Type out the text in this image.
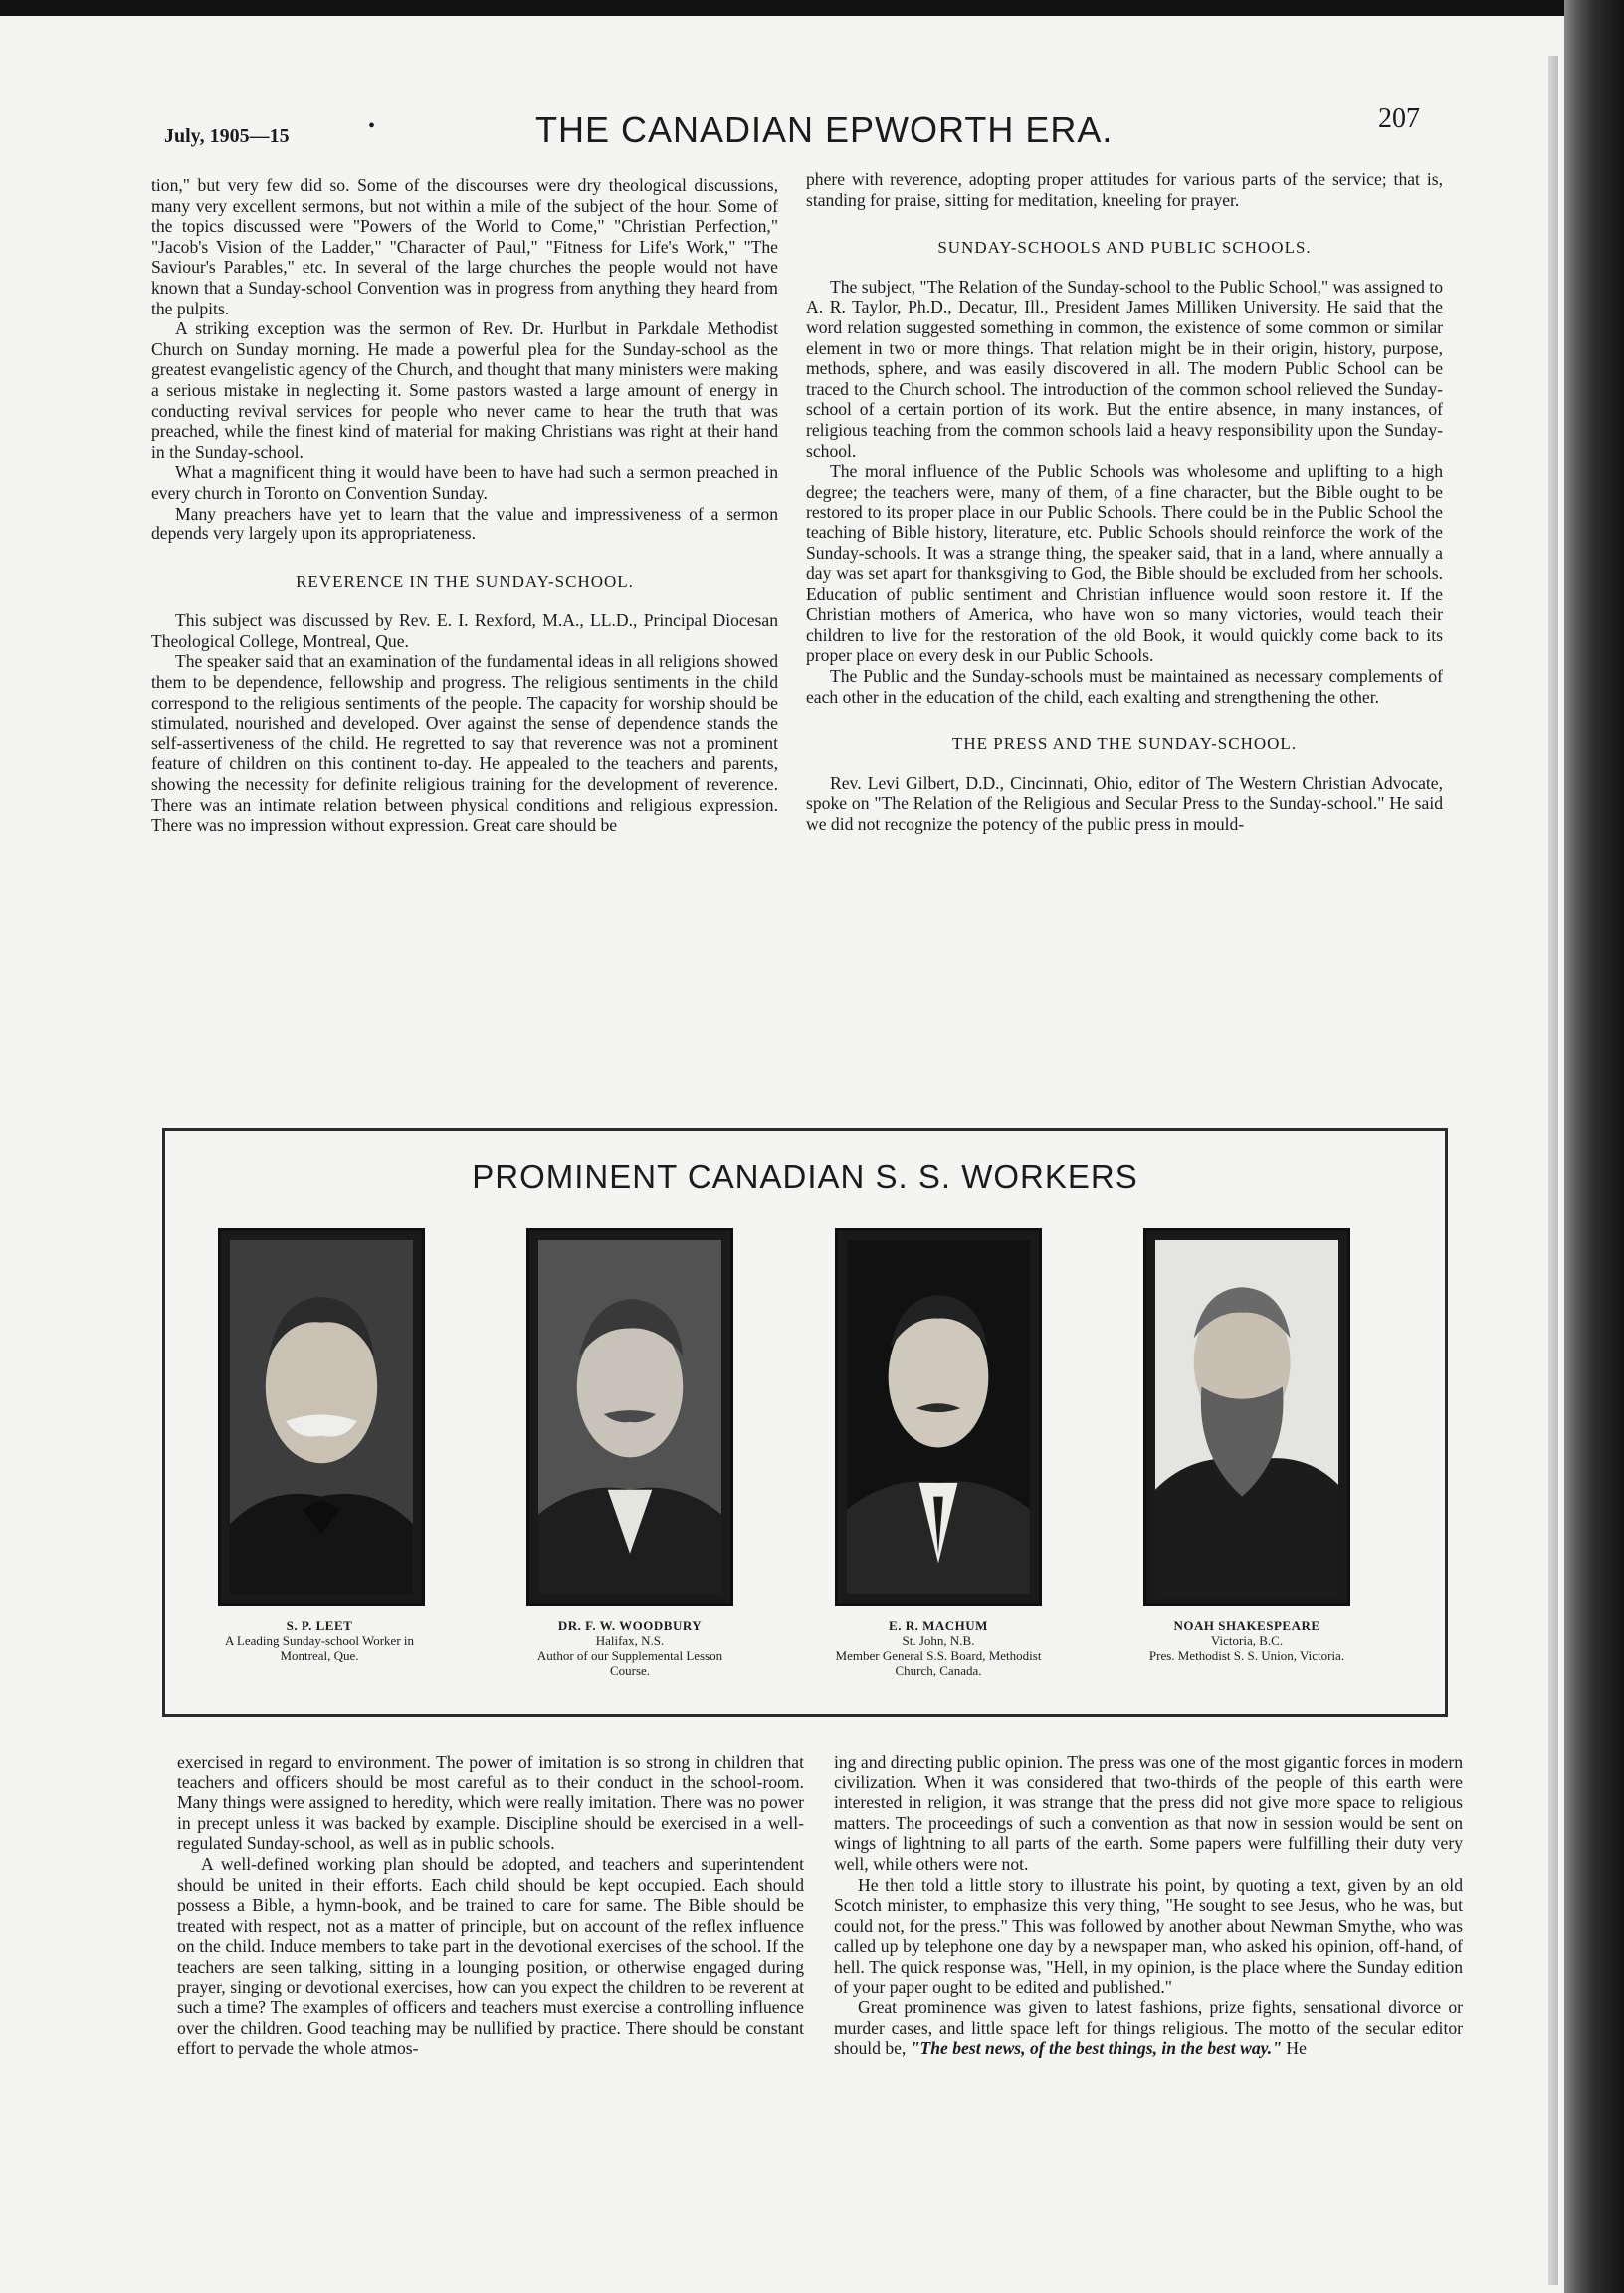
July, 1905—15	•	THE CANADIAN EPWORTH ERA.	207

tion," but very few did so. Some of the discourses were dry theological discussions, many very excellent sermons, but not within a mile of the subject of the hour. Some of the topics discussed were "Powers of the World to Come," "Christian Perfection," "Jacob's Vision of the Ladder," "Character of Paul," "Fitness for Life's Work," "The Saviour's Parables," etc. In several of the large churches the people would not have known that a Sunday-school Convention was in progress from anything they heard from the pulpits.

A striking exception was the sermon of Rev. Dr. Hurlbut in Parkdale Methodist Church on Sunday morning. He made a powerful plea for the Sunday-school as the greatest evangelistic agency of the Church, and thought that many ministers were making a serious mistake in neglecting it. Some pastors wasted a large amount of energy in conducting revival services for people who never came to hear the truth that was preached, while the finest kind of material for making Christians was right at their hand in the Sunday-school.

What a magnificent thing it would have been to have had such a sermon preached in every church in Toronto on Convention Sunday.

Many preachers have yet to learn that the value and impressiveness of a sermon depends very largely upon its appropriateness.

REVERENCE IN THE SUNDAY-SCHOOL.

This subject was discussed by Rev. E. I. Rexford, M.A., LL.D., Principal Diocesan Theological College, Montreal, Que.

The speaker said that an examination of the fundamental ideas in all religions showed them to be dependence, fellowship and progress. The religious sentiments in the child correspond to the religious sentiments of the people. The capacity for worship should be stimulated, nourished and developed. Over against the sense of dependence stands the self-assertiveness of the child. He regretted to say that reverence was not a prominent feature of children on this continent to-day. He appealed to the teachers and parents, showing the necessity for definite religious training for the development of reverence. There was an intimate relation between physical conditions and religious expression. There was no impression without expression. Great care should be

phere with reverence, adopting proper attitudes for various parts of the service; that is, standing for praise, sitting for meditation, kneeling for prayer.

SUNDAY-SCHOOLS AND PUBLIC SCHOOLS.

The subject, "The Relation of the Sunday-school to the Public School," was assigned to A. R. Taylor, Ph.D., Decatur, Ill., President James Milliken University. He said that the word relation suggested something in common, the existence of some common or similar element in two or more things. That relation might be in their origin, history, purpose, methods, sphere, and was easily discovered in all. The modern Public School can be traced to the Church school. The introduction of the common school relieved the Sunday-school of a certain portion of its work. But the entire absence, in many instances, of religious teaching from the common schools laid a heavy responsibility upon the Sunday-school.

The moral influence of the Public Schools was wholesome and uplifting to a high degree; the teachers were, many of them, of a fine character, but the Bible ought to be restored to its proper place in our Public Schools. There could be in the Public School the teaching of Bible history, literature, etc. Public Schools should reinforce the work of the Sunday-schools. It was a strange thing, the speaker said, that in a land, where annually a day was set apart for thanksgiving to God, the Bible should be excluded from her schools. Education of public sentiment and Christian influence would soon restore it. If the Christian mothers of America, who have won so many victories, would teach their children to live for the restoration of the old Book, it would quickly come back to its proper place on every desk in our Public Schools.

The Public and the Sunday-schools must be maintained as necessary complements of each other in the education of the child, each exalting and strengthening the other.

THE PRESS AND THE SUNDAY-SCHOOL.

Rev. Levi Gilbert, D.D., Cincinnati, Ohio, editor of The Western Christian Advocate, spoke on "The Relation of the Religious and Secular Press to the Sunday-school." He said we did not recognize the potency of the public press in mould-

PROMINENT CANADIAN S. S. WORKERS
S. P. LEET
A Leading Sunday-school Worker in
Montreal, Que.
DR. F. W. WOODBURY
Halifax, N.S.
Author of our Supplemental Lesson
Course.
E. R. MACHUM
St. John, N.B.
Member General S.S. Board, Methodist
Church, Canada.
NOAH SHAKESPEARE
Victoria, B.C.
Pres. Methodist S. S. Union, Victoria.

exercised in regard to environment. The power of imitation is so strong in children that teachers and officers should be most careful as to their conduct in the school-room. Many things were assigned to heredity, which were really imitation. There was no power in precept unless it was backed by example. Discipline should be exercised in a well-regulated Sunday-school, as well as in public schools.

A well-defined working plan should be adopted, and teachers and superintendent should be united in their efforts. Each child should be kept occupied. Each should possess a Bible, a hymn-book, and be trained to care for same. The Bible should be treated with respect, not as a matter of principle, but on account of the reflex influence on the child. Induce members to take part in the devotional exercises of the school. If the teachers are seen talking, sitting in a lounging position, or otherwise engaged during prayer, singing or devotional exercises, how can you expect the children to be reverent at such a time? The examples of officers and teachers must exercise a controlling influence over the children. Good teaching may be nullified by practice. There should be constant effort to pervade the whole atmos-

ing and directing public opinion. The press was one of the most gigantic forces in modern civilization. When it was considered that two-thirds of the people of this earth were interested in religion, it was strange that the press did not give more space to religious matters. The proceedings of such a convention as that now in session would be sent on wings of lightning to all parts of the earth. Some papers were fulfilling their duty very well, while others were not.

He then told a little story to illustrate his point, by quoting a text, given by an old Scotch minister, to emphasize this very thing, "He sought to see Jesus, who he was, but could not, for the press." This was followed by another about Newman Smythe, who was called up by telephone one day by a newspaper man, who asked his opinion, off-hand, of hell. The quick response was, "Hell, in my opinion, is the place where the Sunday edition of your paper ought to be edited and published."

Great prominence was given to latest fashions, prize fights, sensational divorce or murder cases, and little space left for things religious. The motto of the secular editor should be, "The best news, of the best things, in the best way." He
